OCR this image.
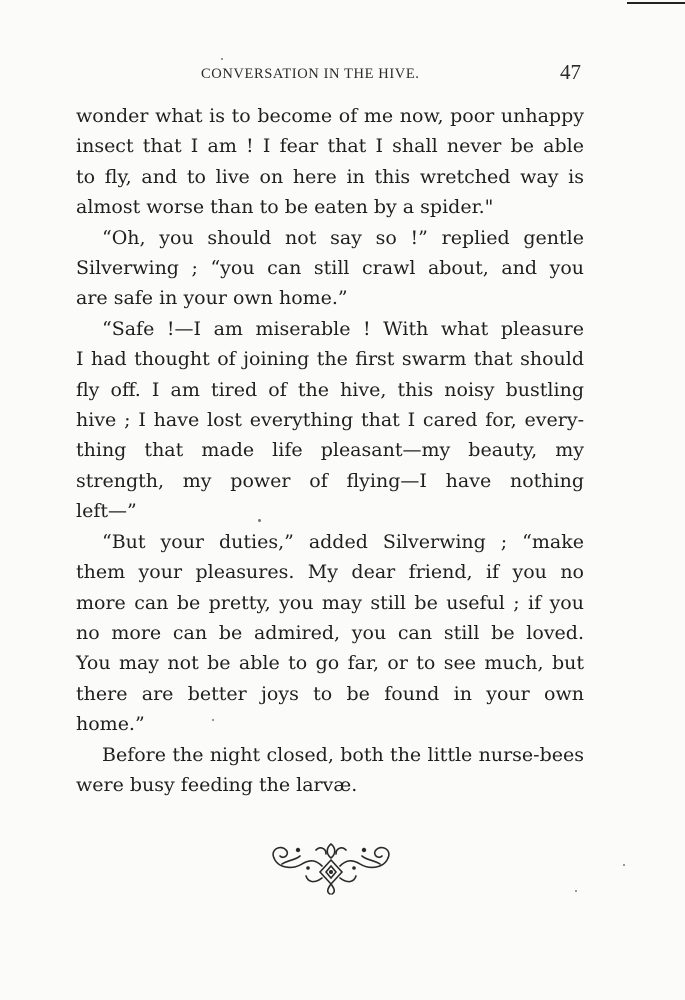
CONVERSATION IN THE HIVE.	47

wonder what is to become of me now, poor unhappy
insect that I am ! I fear that I shall never be able
to fly, and to live on here in this wretched way is
almost worse than to be eaten by a spider."

“Oh, you should not say so !” replied gentle
Silverwing ; “you can still crawl about, and you
are safe in your own home.”

“Safe !—I am miserable ! With what pleasure
I had thought of joining the first swarm that should
fly off. I am tired of the hive, this noisy bustling
hive ; I have lost everything that I cared for, every-
thing that made life pleasant—my beauty, my
strength, my power of flying—I have nothing
left—”

“But your duties,” added Silverwing ; “make
them your pleasures. My dear friend, if you no
more can be pretty, you may still be useful ; if you
no more can be admired, you can still be loved.
You may not be able to go far, or to see much, but
there are better joys to be found in your own
home.”

Before the night closed, both the little nurse-bees
were busy feeding the larvæ.
